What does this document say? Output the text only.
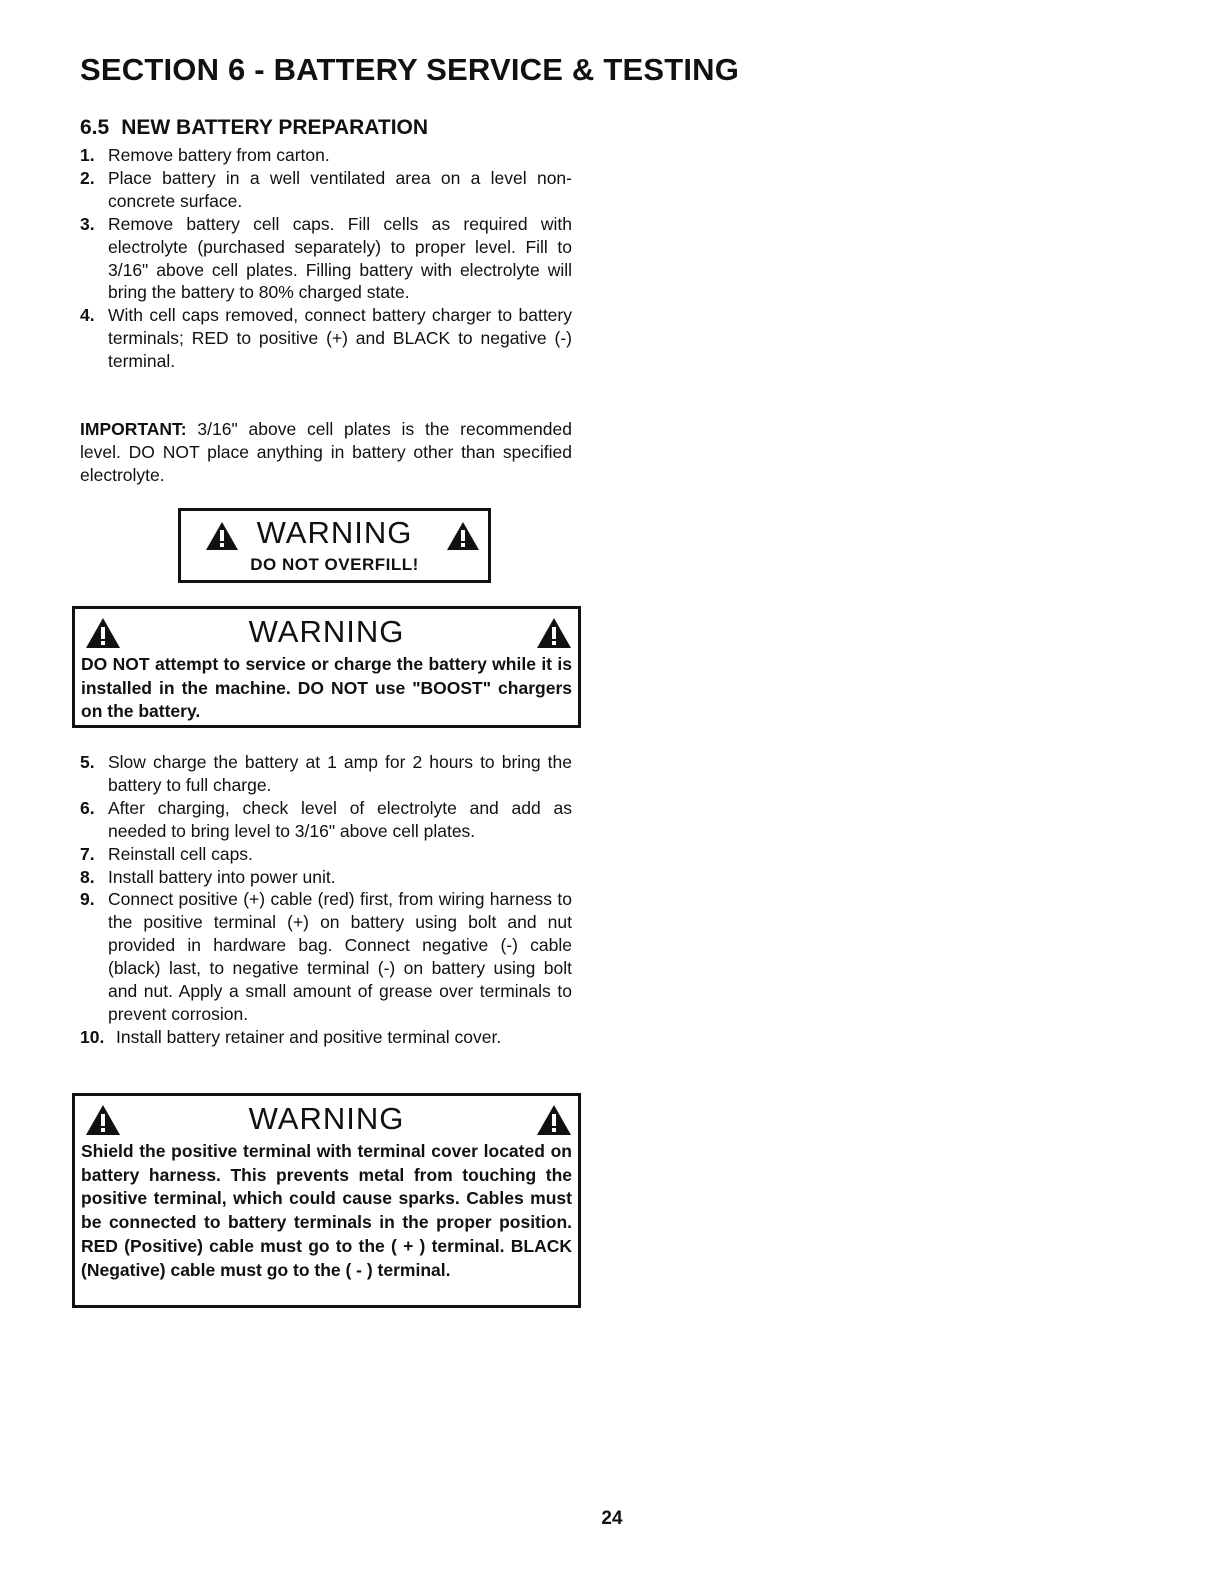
SECTION 6 - BATTERY SERVICE & TESTING
6.5 NEW BATTERY PREPARATION
1. Remove battery from carton.
2. Place battery in a well ventilated area on a level non-concrete surface.
3. Remove battery cell caps. Fill cells as required with electrolyte (purchased separately) to proper level. Fill to 3/16" above cell plates. Filling battery with electrolyte will bring the battery to 80% charged state.
4. With cell caps removed, connect battery charger to battery terminals; RED to positive (+) and BLACK to negative (-) terminal.

IMPORTANT: 3/16" above cell plates is the recommended level. DO NOT place anything in battery other than specified electrolyte.

WARNING
DO NOT OVERFILL!
WARNING
DO NOT attempt to service or charge the battery while it is installed in the machine. DO NOT use "BOOST" chargers on the battery.
5. Slow charge the battery at 1 amp for 2 hours to bring the battery to full charge.
6. After charging, check level of electrolyte and add as needed to bring level to 3/16" above cell plates.
7. Reinstall cell caps.
8. Install battery into power unit.
9. Connect positive (+) cable (red) first, from wiring harness to the positive terminal (+) on battery using bolt and nut provided in hardware bag. Connect negative (-) cable (black) last, to negative terminal (-) on battery using bolt and nut. Apply a small amount of grease over terminals to prevent corrosion.
10. Install battery retainer and positive terminal cover.
WARNING
Shield the positive terminal with terminal cover located on battery harness. This prevents metal from touching the positive terminal, which could cause sparks. Cables must be connected to battery terminals in the proper position. RED (Positive) cable must go to the ( + ) terminal. BLACK (Negative) cable must go to the ( - ) terminal.
24
